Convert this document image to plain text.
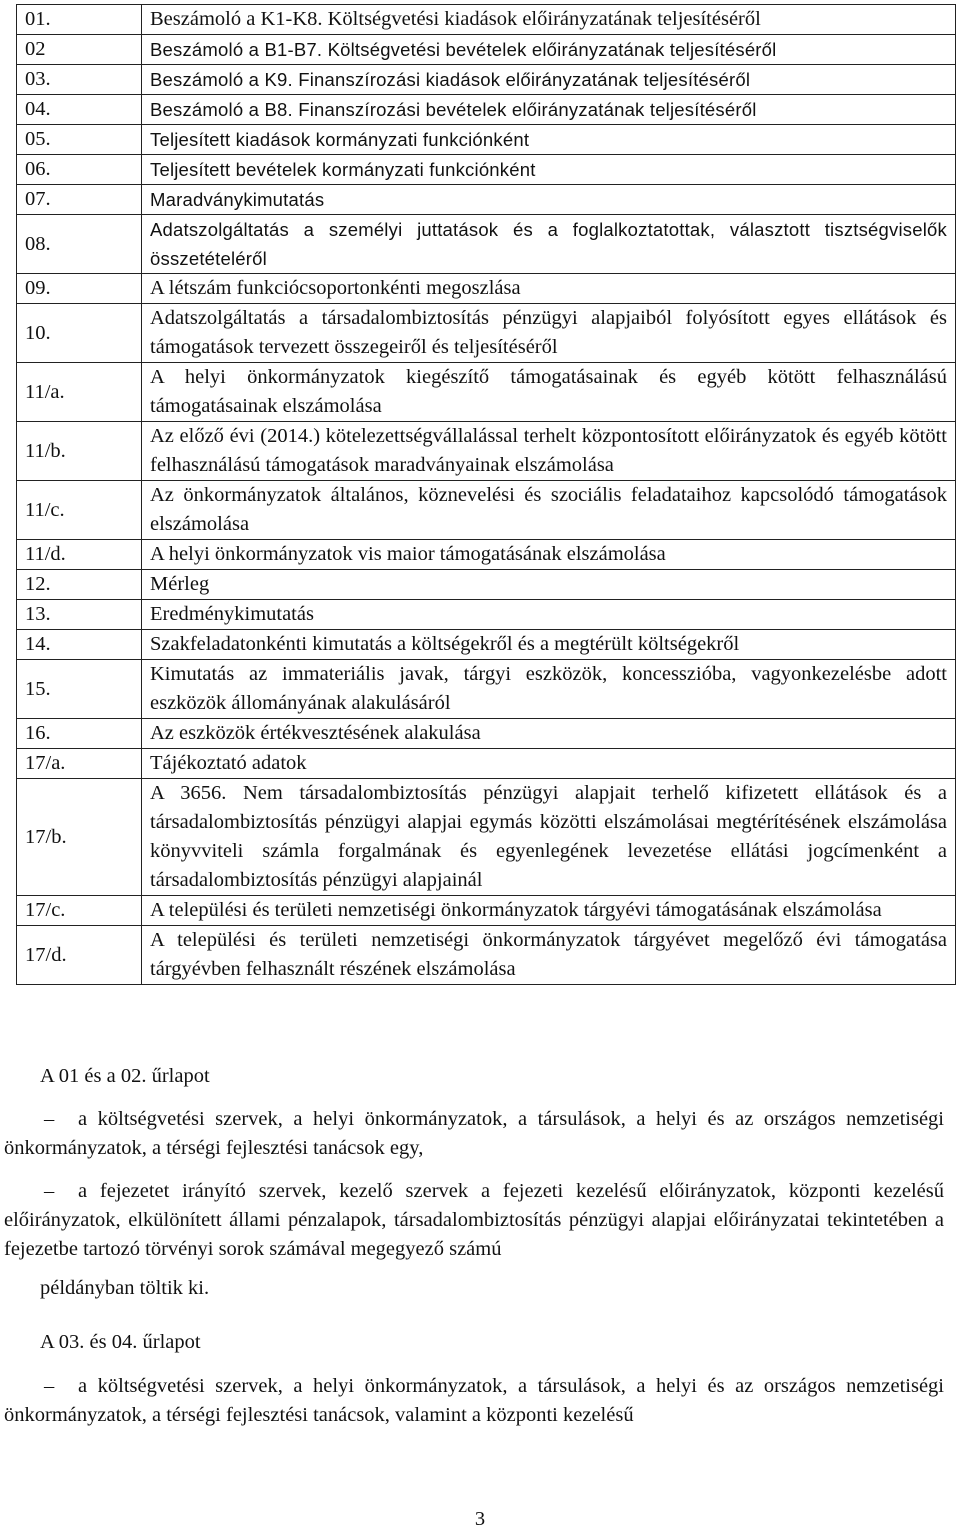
01.	Beszámoló a K1-K8. Költségvetési kiadások előirányzatának teljesítéséről
02	Beszámoló a B1-B7. Költségvetési bevételek előirányzatának teljesítéséről
03.	Beszámoló a K9. Finanszírozási kiadások előirányzatának teljesítéséről
04.	Beszámoló a B8. Finanszírozási bevételek előirányzatának teljesítéséről
05.	Teljesített kiadások kormányzati funkciónként
06.	Teljesített bevételek kormányzati funkciónként
07.	Maradványkimutatás
08.	Adatszolgáltatás a személyi juttatások és a foglalkoztatottak, választott tisztségviselők összetételéről
09.	A létszám funkciócsoportonkénti megoszlása
10.	Adatszolgáltatás a társadalombiztosítás pénzügyi alapjaiból folyósított egyes ellátások és támogatások tervezett összegeiről és teljesítéséről
11/a.	A helyi önkormányzatok kiegészítő támogatásainak és egyéb kötött felhasználású támogatásainak elszámolása
11/b.	Az előző évi (2014.) kötelezettségvállalással terhelt központosított előirányzatok és egyéb kötött felhasználású támogatások maradványainak elszámolása
11/c.	Az önkormányzatok általános, köznevelési és szociális feladataihoz kapcsolódó támogatások elszámolása
11/d.	A helyi önkormányzatok vis maior támogatásának elszámolása
12.	Mérleg
13.	Eredménykimutatás
14.	Szakfeladatonkénti kimutatás a költségekről és a megtérült költségekről
15.	Kimutatás az immateriális javak, tárgyi eszközök, koncesszióba, vagyonkezelésbe adott eszközök állományának alakulásáról
16.	Az eszközök értékvesztésének alakulása
17/a.	Tájékoztató adatok
17/b.	A 3656. Nem társadalombiztosítás pénzügyi alapjait terhelő kifizetett ellátások és a társadalombiztosítás pénzügyi alapjai egymás közötti elszámolásai megtérítésének elszámolása könyvviteli számla forgalmának és egyenlegének levezetése ellátási jogcímenként a társadalombiztosítás pénzügyi alapjainál
17/c.	A települési és területi nemzetiségi önkormányzatok tárgyévi támogatásának elszámolása
17/d.	A települési és területi nemzetiségi önkormányzatok tárgyévet megelőző évi támogatása tárgyévben felhasznált részének elszámolása
A 01 és a 02. űrlapot
– a költségvetési szervek, a helyi önkormányzatok, a társulások, a helyi és az országos nemzetiségi önkormányzatok, a térségi fejlesztési tanácsok egy,
– a fejezetet irányító szervek, kezelő szervek a fejezeti kezelésű előirányzatok, központi kezelésű előirányzatok, elkülönített állami pénzalapok, társadalombiztosítás pénzügyi alapjai előirányzatai tekintetében a fejezetbe tartozó törvényi sorok számával megegyező számú
példányban töltik ki.
A 03. és 04. űrlapot
– a költségvetési szervek, a helyi önkormányzatok, a társulások, a helyi és az országos nemzetiségi önkormányzatok, a térségi fejlesztési tanácsok, valamint a központi kezelésű
3
